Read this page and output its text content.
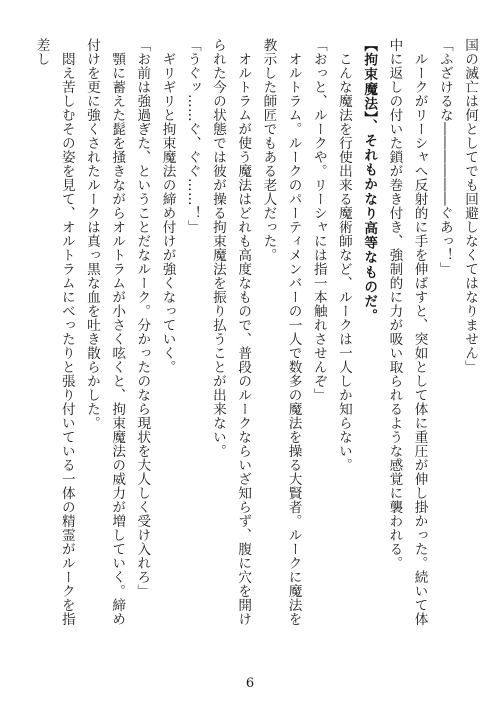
国の滅亡は何としてでも回避しなくてはなりません」

「ふざけるな――――――ぐあっ！」

　ルークがリーシャへ反射的に手を伸ばすと、突如として体に重圧が伸し掛かった。続いて体中に返しの付いた鎖が巻き付き、強制的に力が吸い取られるような感覚に襲われる。

【拘束魔法】、それもかなり高等なものだ。

　こんな魔法を行使出来る魔術師など、ルークは一人しか知らない。

「おっと、ルークや。リーシャには指一本触れさせんぞ」

　オルトラム。ルークのパーティメンバーの一人で数多の魔法を操る大賢者。ルークに魔法を教示した師匠でもある老人だった。

　オルトラムが使う魔法はどれも高度なもので、普段のルークならいざ知らず、腹に穴を開けられた今の状態では彼が操る拘束魔法を振り払うことが出来ない。

「うぐッ……ぐ、ぐぐ……！」

　ギリギリと拘束魔法の締め付けが強くなっていく。

「お前は強過ぎた、ということだなルーク。分かったのなら現状を大人しく受け入れろ」

　顎に蓄えた髭を掻きながらオルトラムが小さく呟くと、拘束魔法の威力が増していく。締め付けを更に強くされたルークは真っ黒な血を吐き散らかした。

　悶え苦しむその姿を見て、オルトラムにべったりと張り付いている一体の精霊がルークを指差し

6
